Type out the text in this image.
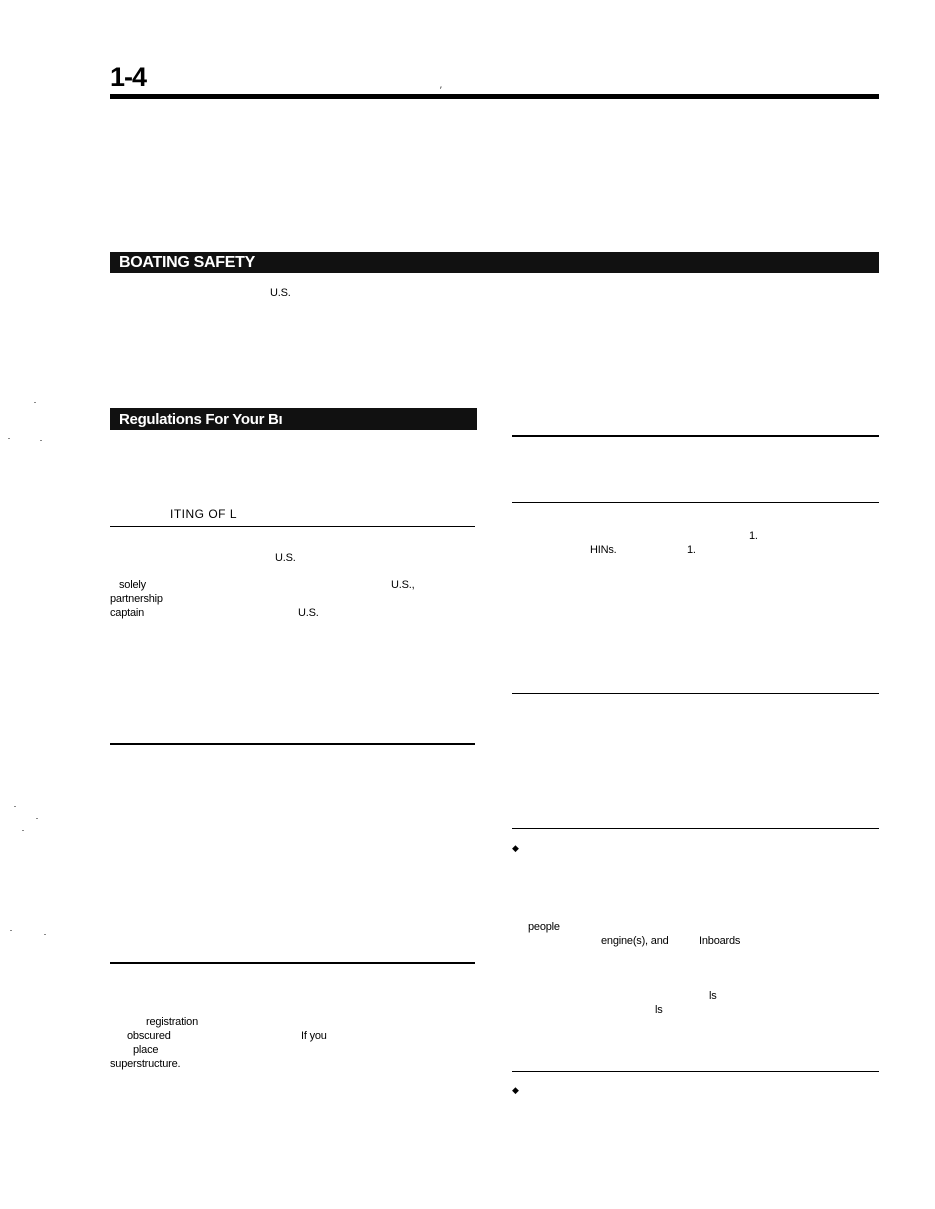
1-4	′
BOATING SAFETY
U.S.
Regulations For Your Bı
ITING OF L
U.S.
solely	U.S.,
partnership
captain	U.S.
registration
obscured	If you
place
superstructure.
1.
HINs.	1.
◆
people
engine(s), and	Inboards
ls
ls
◆
